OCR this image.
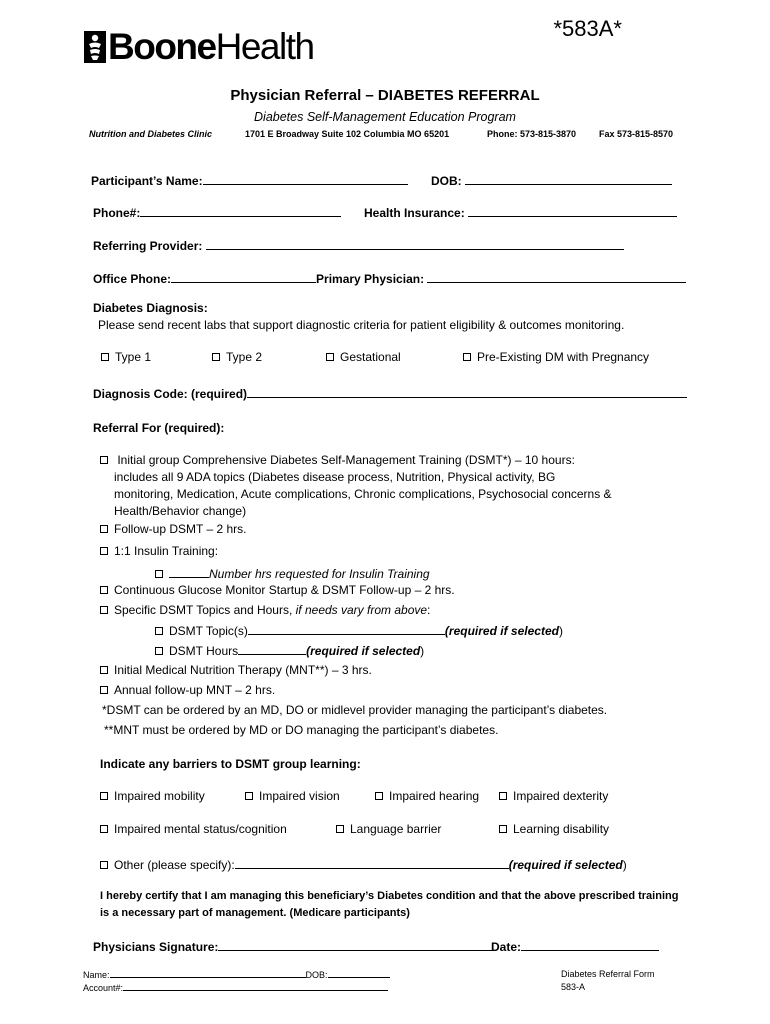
*583A*
BooneHealth
Physician Referral – DIABETES REFERRAL
Diabetes Self-Management Education Program
Nutrition and Diabetes Clinic	1701 E Broadway Suite 102 Columbia MO 65201	Phone: 573-815-3870	Fax 573-815-8570
Participant’s Name:	DOB:
Phone#:	Health Insurance:
Referring Provider:
Office Phone:	Primary Physician:
Diabetes Diagnosis:
Please send recent labs that support diagnostic criteria for patient eligibility & outcomes monitoring.
Type 1	Type 2	Gestational	Pre-Existing DM with Pregnancy
Diagnosis Code: (required)
Referral For (required):
Initial group Comprehensive Diabetes Self-Management Training (DSMT*) – 10 hours:
includes all 9 ADA topics (Diabetes disease process, Nutrition, Physical activity, BG
monitoring, Medication, Acute complications, Chronic complications, Psychosocial concerns &
Health/Behavior change)
Follow-up DSMT – 2 hrs.
1:1 Insulin Training:
Number hrs requested for Insulin Training
Continuous Glucose Monitor Startup & DSMT Follow-up – 2 hrs.
Specific DSMT Topics and Hours, if needs vary from above:
DSMT Topic(s)	(required if selected)
DSMT Hours	(required if selected)
Initial Medical Nutrition Therapy (MNT**) – 3 hrs.
Annual follow-up MNT – 2 hrs.
*DSMT can be ordered by an MD, DO or midlevel provider managing the participant’s diabetes.
**MNT must be ordered by MD or DO managing the participant’s diabetes.
Indicate any barriers to DSMT group learning:
Impaired mobility	Impaired vision	Impaired hearing	Impaired dexterity
Impaired mental status/cognition	Language barrier	Learning disability
Other (please specify):	(required if selected)
I hereby certify that I am managing this beneficiary’s Diabetes condition and that the above prescribed training
is a necessary part of management. (Medicare participants)
Physicians Signature:	Date:
Name:	DOB:
Account#:
Diabetes Referral Form
583-A
